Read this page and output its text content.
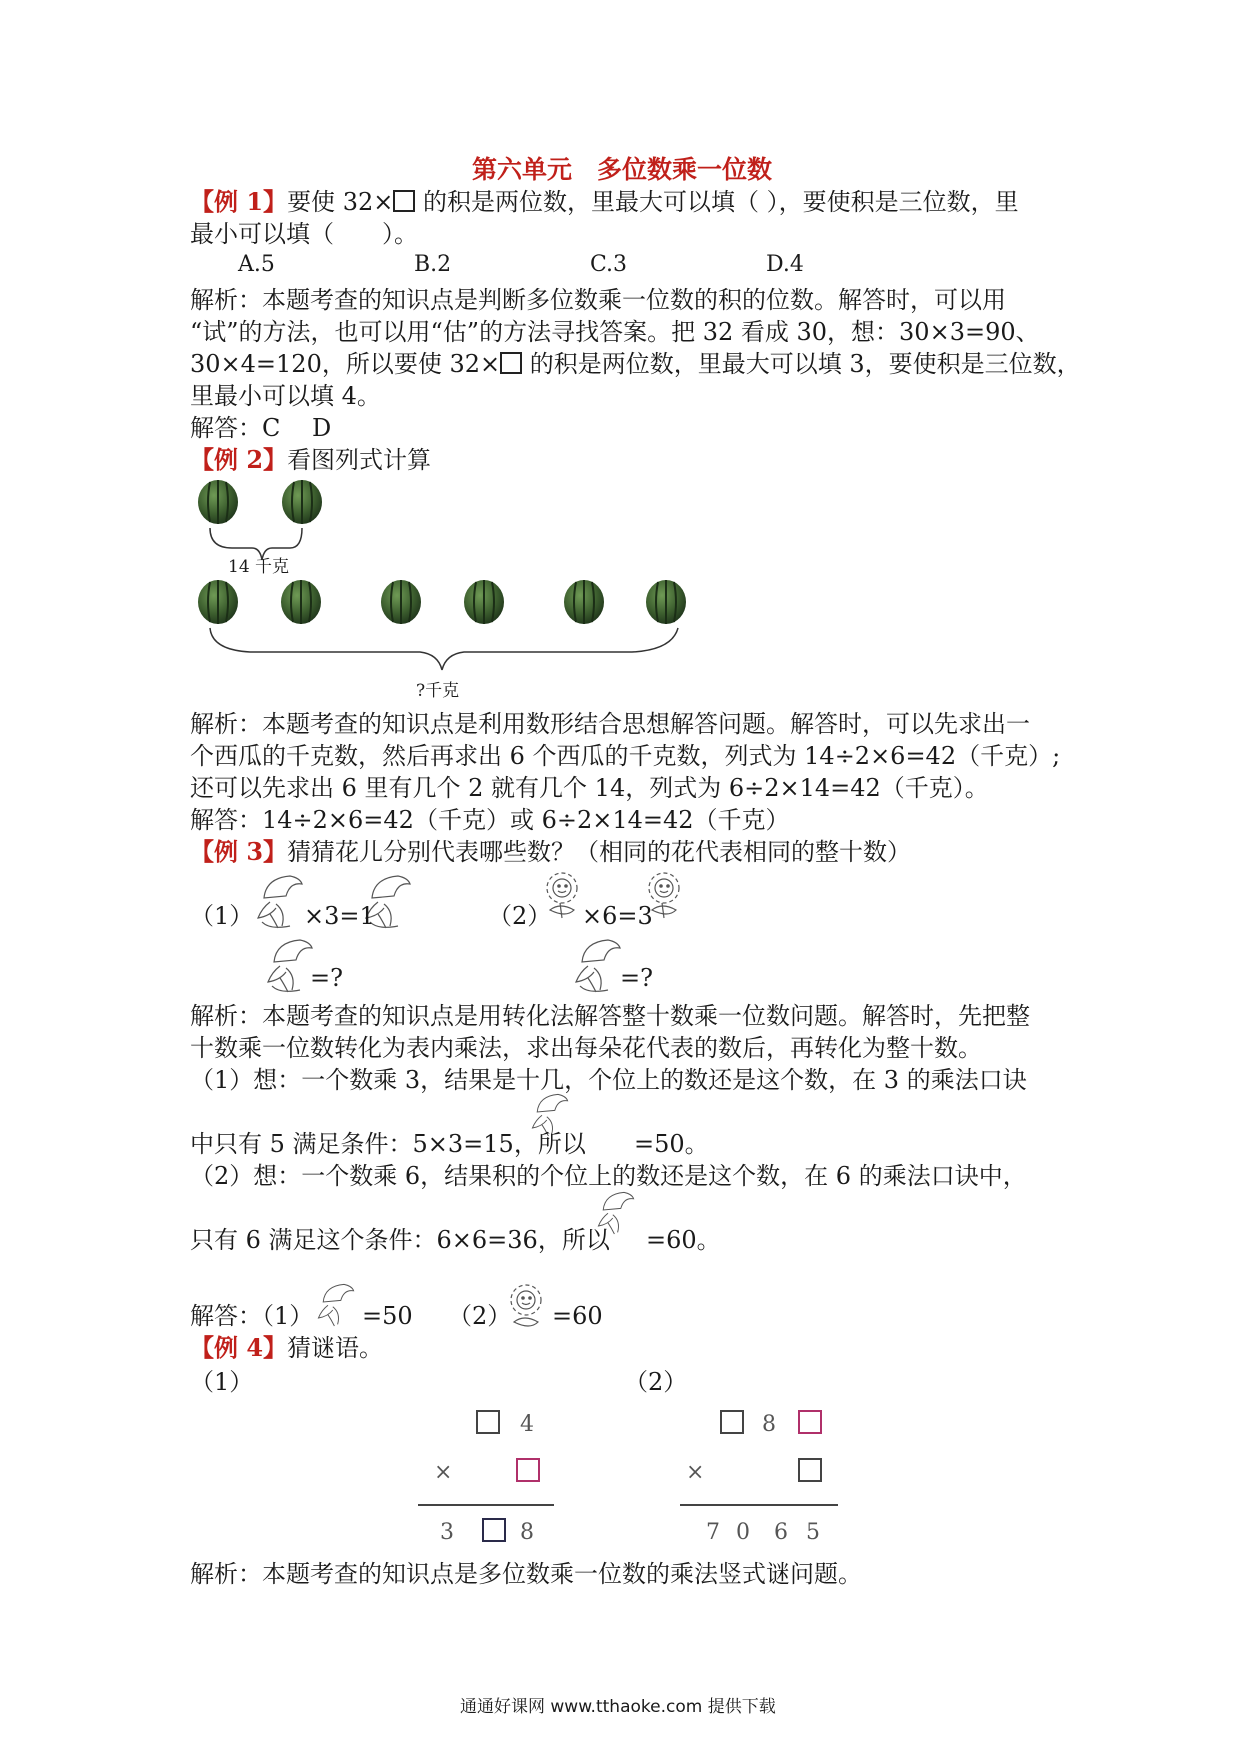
第六单元　多位数乘一位数
【例 1】要使 32× 的积是两位数，里最大可以填（ ），要使积是三位数，里
最小可以填（　　）。
A.5	B.2	C.3	D.4
解析：本题考查的知识点是判断多位数乘一位数的积的位数。解答时，可以用
“试”的方法，也可以用“估”的方法寻找答案。把 32 看成 30，想：30×3=90、
30×4=120，所以要使 32× 的积是两位数，里最大可以填 3，要使积是三位数，
里最小可以填 4。
解答：C　 D
【例 2】看图列式计算
14 千克
?千克
解析：本题考查的知识点是利用数形结合思想解答问题。解答时，可以先求出一
个西瓜的千克数，然后再求出 6 个西瓜的千克数，列式为 14÷2×6=42（千克）;
还可以先求出 6 里有几个 2 就有几个 14，列式为 6÷2×14=42（千克）。
解答：14÷2×6=42（千克）或 6÷2×14=42（千克）
【例 3】猜猜花儿分别代表哪些数？（相同的花代表相同的整十数）
（1） ×3=1
=?
（2） ×6=3
=?
解析：本题考查的知识点是用转化法解答整十数乘一位数问题。解答时，先把整
十数乘一位数转化为表内乘法，求出每朵花代表的数后，再转化为整十数。
（1）想：一个数乘 3，结果是十几，个位上的数还是这个数，在 3 的乘法口诀
中只有 5 满足条件：5×3=15，所以 =50。
（2）想：一个数乘 6，结果积的个位上的数还是这个数，在 6 的乘法口诀中，
只有 6 满足这个条件：6×6=36，所以 =60。
解答：（1） =50 （2） =60
【例 4】猜谜语。
（1）	（2）
4
×
3	8
8
×
7 0 6 5
解析：本题考查的知识点是多位数乘一位数的乘法竖式谜问题。
通通好课网 www.tthaoke.com 提供下载
